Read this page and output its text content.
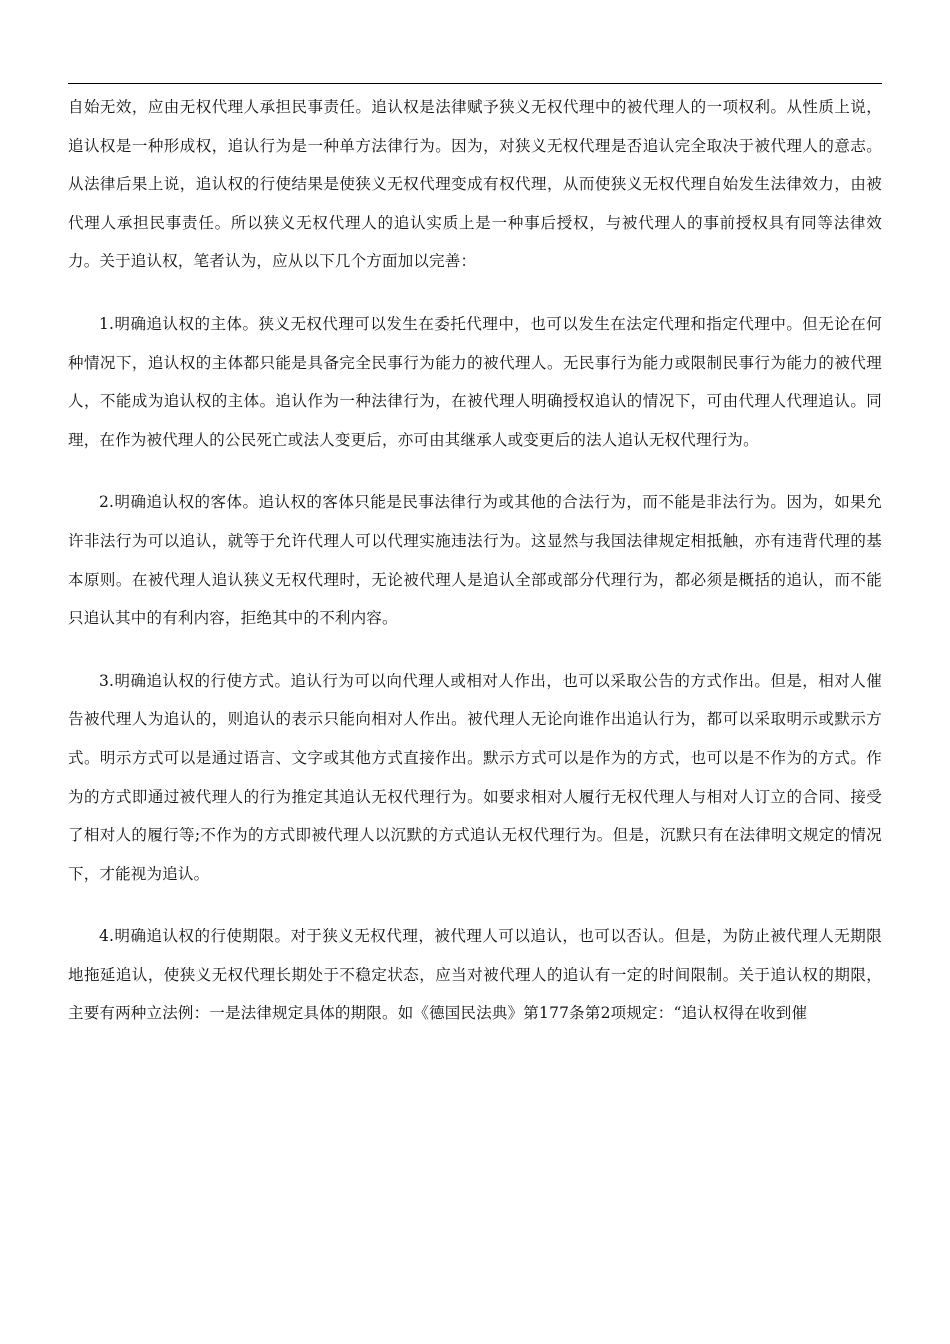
自始无效，应由无权代理人承担民事责任。追认权是法律赋予狭义无权代理中的被代理人的一项权利。从性质上说，追认权是一种形成权，追认行为是一种单方法律行为。因为，对狭义无权代理是否追认完全取决于被代理人的意志。从法律后果上说，追认权的行使结果是使狭义无权代理变成有权代理，从而使狭义无权代理自始发生法律效力，由被代理人承担民事责任。所以狭义无权代理人的追认实质上是一种事后授权，与被代理人的事前授权具有同等法律效力。关于追认权，笔者认为，应从以下几个方面加以完善：

1.明确追认权的主体。狭义无权代理可以发生在委托代理中，也可以发生在法定代理和指定代理中。但无论在何种情况下，追认权的主体都只能是具备完全民事行为能力的被代理人。无民事行为能力或限制民事行为能力的被代理人，不能成为追认权的主体。追认作为一种法律行为，在被代理人明确授权追认的情况下，可由代理人代理追认。同理，在作为被代理人的公民死亡或法人变更后，亦可由其继承人或变更后的法人追认无权代理行为。

2.明确追认权的客体。追认权的客体只能是民事法律行为或其他的合法行为，而不能是非法行为。因为，如果允许非法行为可以追认，就等于允许代理人可以代理实施违法行为。这显然与我国法律规定相抵触，亦有违背代理的基本原则。在被代理人追认狭义无权代理时，无论被代理人是追认全部或部分代理行为，都必须是概括的追认，而不能只追认其中的有利内容，拒绝其中的不利内容。

3.明确追认权的行使方式。追认行为可以向代理人或相对人作出，也可以采取公告的方式作出。但是，相对人催告被代理人为追认的，则追认的表示只能向相对人作出。被代理人无论向谁作出追认行为，都可以采取明示或默示方式。明示方式可以是通过语言、文字或其他方式直接作出。默示方式可以是作为的方式，也可以是不作为的方式。作为的方式即通过被代理人的行为推定其追认无权代理行为。如要求相对人履行无权代理人与相对人订立的合同、接受了相对人的履行等;不作为的方式即被代理人以沉默的方式追认无权代理行为。但是，沉默只有在法律明文规定的情况下，才能视为追认。

4.明确追认权的行使期限。对于狭义无权代理，被代理人可以追认，也可以否认。但是，为防止被代理人无期限地拖延追认，使狭义无权代理长期处于不稳定状态，应当对被代理人的追认有一定的时间限制。关于追认权的期限，主要有两种立法例：一是法律规定具体的期限。如《德国民法典》第177条第2项规定：“追认权得在收到催
